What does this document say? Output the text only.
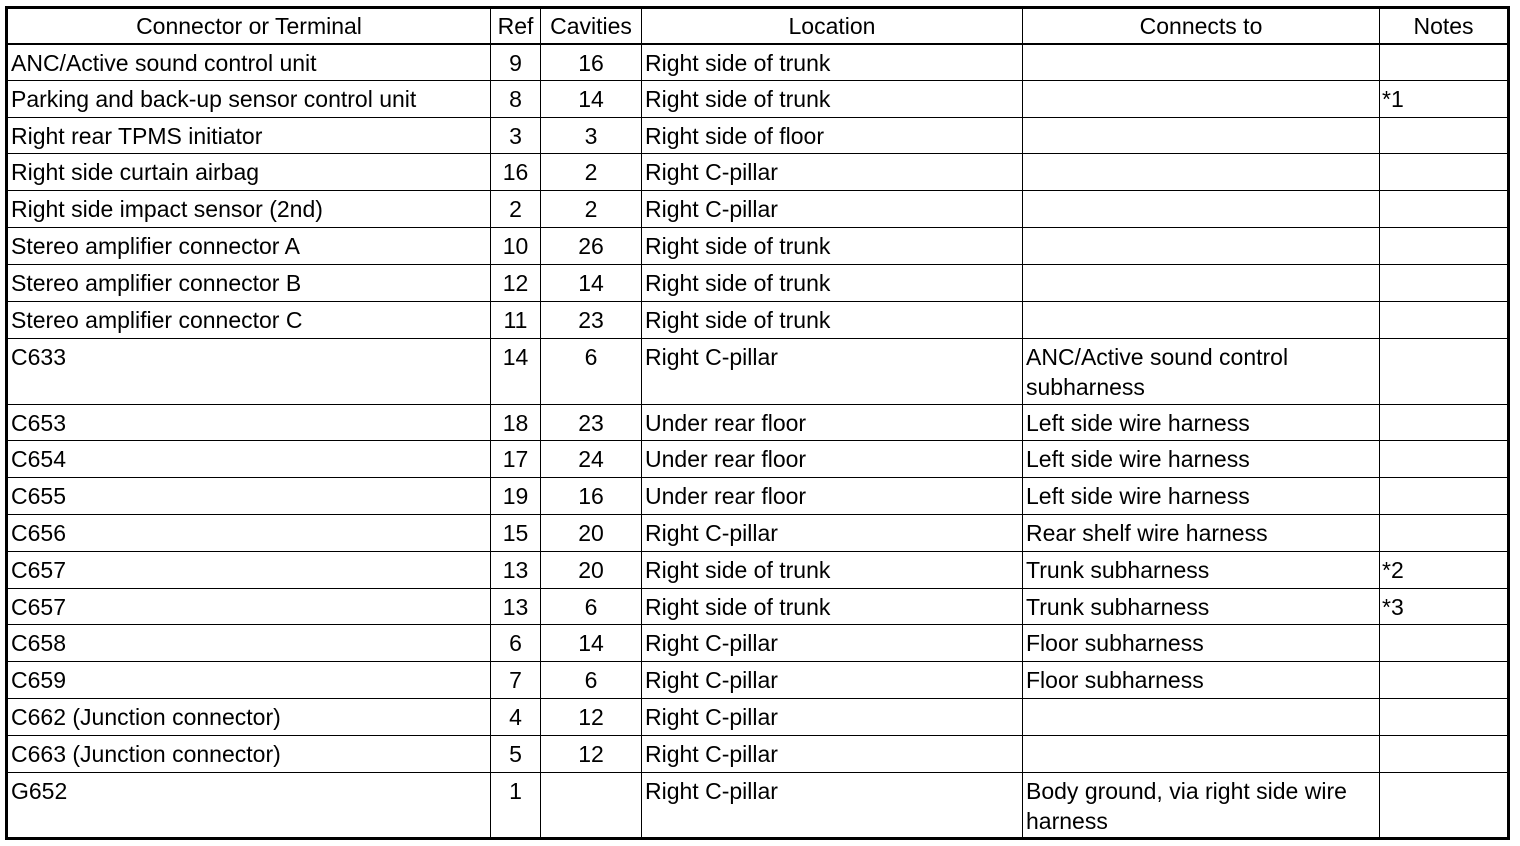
Connector or Terminal	Ref	Cavities	Location	Connects to	Notes
ANC/Active sound control unit	9	16	Right side of trunk		
Parking and back-up sensor control unit	8	14	Right side of trunk		*1
Right rear TPMS initiator	3	3	Right side of floor		
Right side curtain airbag	16	2	Right C-pillar		
Right side impact sensor (2nd)	2	2	Right C-pillar		
Stereo amplifier connector A	10	26	Right side of trunk		
Stereo amplifier connector B	12	14	Right side of trunk		
Stereo amplifier connector C	11	23	Right side of trunk		
C633	14	6	Right C-pillar	ANC/Active sound control subharness	
C653	18	23	Under rear floor	Left side wire harness	
C654	17	24	Under rear floor	Left side wire harness	
C655	19	16	Under rear floor	Left side wire harness	
C656	15	20	Right C-pillar	Rear shelf wire harness	
C657	13	20	Right side of trunk	Trunk subharness	*2
C657	13	6	Right side of trunk	Trunk subharness	*3
C658	6	14	Right C-pillar	Floor subharness	
C659	7	6	Right C-pillar	Floor subharness	
C662 (Junction connector)	4	12	Right C-pillar		
C663 (Junction connector)	5	12	Right C-pillar		
G652	1		Right C-pillar	Body ground, via right side wire harness	
